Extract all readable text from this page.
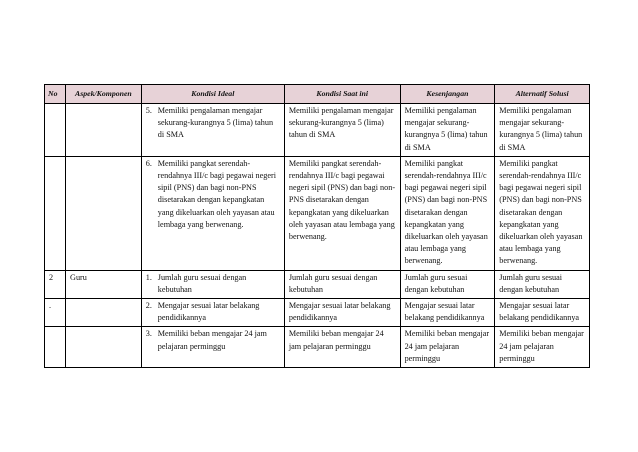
No	Aspek/Komponen	Kondisi Ideal	Kondisi Saat ini	Kesenjangan	Alternatif Solusi

		5. Memiliki pengalaman mengajar sekurang-kurangnya 5 (lima) tahun di SMA	Memiliki pengalaman mengajar sekurang-kurangnya 5 (lima) tahun di SMA	Memiliki pengalaman mengajar sekurang-kurangnya 5 (lima) tahun di SMA	Memiliki pengalaman mengajar sekurang-kurangnya 5 (lima) tahun di SMA

		6. Memiliki pangkat serendah-rendahnya III/c bagi pegawai negeri sipil (PNS) dan bagi non-PNS disetarakan dengan kepangkatan yang dikeluarkan oleh yayasan atau lembaga yang berwenang.	Memiliki pangkat serendah-rendahnya III/c bagi pegawai negeri sipil (PNS) dan bagi non-PNS disetarakan dengan kepangkatan yang dikeluarkan oleh yayasan atau lembaga yang berwenang.	Memiliki pangkat serendah-rendahnya III/c bagi pegawai negeri sipil (PNS) dan bagi non-PNS disetarakan dengan kepangkatan yang dikeluarkan oleh yayasan atau lembaga yang berwenang.	Memiliki pangkat serendah-rendahnya III/c bagi pegawai negeri sipil (PNS) dan bagi non-PNS disetarakan dengan kepangkatan yang dikeluarkan oleh yayasan atau lembaga yang berwenang.
2	Guru	1. Jumlah guru sesuai dengan kebutuhan	Jumlah guru sesuai dengan kebutuhan	Jumlah guru sesuai dengan kebutuhan	Jumlah guru sesuai dengan kebutuhan
.		2. Mengajar sesuai latar belakang pendidikannya	Mengajar sesuai latar belakang pendidikannya	Mengajar sesuai latar belakang pendidikannya	Mengajar sesuai latar belakang pendidikannya

		3. Memiliki beban mengajar 24 jam pelajaran perminggu	Memiliki beban mengajar 24 jam pelajaran perminggu	Memiliki beban mengajar 24 jam pelajaran perminggu	Memiliki beban mengajar 24 jam pelajaran perminggu
